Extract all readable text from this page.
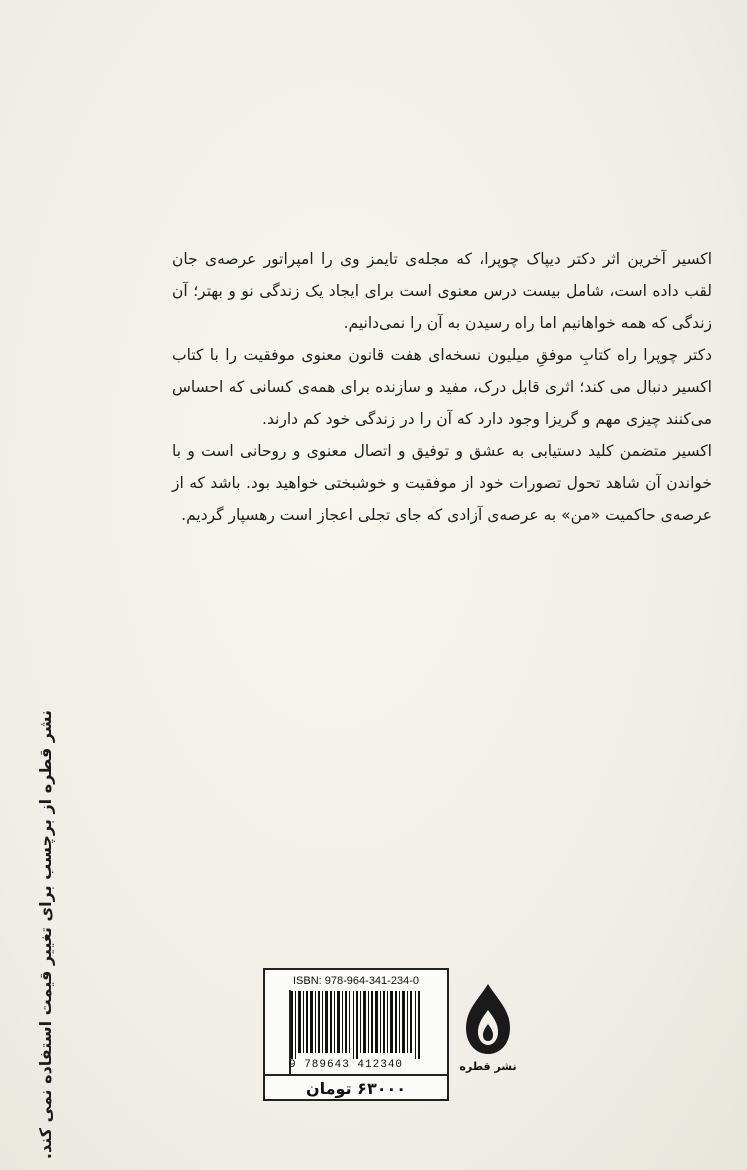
اکسیر آخرین اثر دکتر دیپاک چوپرا، که مجله‌ی تایمز وی را امپراتور عرصه‌ی جان لقب داده است، شامل بیست درس معنوی است برای ایجاد یک زندگی نو و بهتر؛ آن زندگی که همه خواهانیم اما راه رسیدن به آن را نمی‌دانیم.

دکتر چوپرا راه کتابِ موفقِ میلیون نسخه‌ای هفت قانون معنوی موفقیت را با کتاب اکسیر دنبال می کند؛ اثری قابل درک، مفید و سازنده برای همه‌ی کسانی که احساس می‌کنند چیزی مهم و گریزا وجود دارد که آن را در زندگی خود کم دارند.

اکسیر متضمن کلید دستیابی به عشق و توفیق و اتصال معنوی و روحانی است و با خواندن آن شاهد تحول تصورات خود از موفقیت و خوشبختی خواهید بود. باشد که از عرصه‌ی حاکمیت «من» به عرصه‌ی آزادی که جای تجلی اعجاز است رهسپار گردیم.

نشر قطره از برچسب برای تغییر قیمت استفاده نمی کند.	ISBN: 978-964-341-234-0
9 789643 412340
۶۳۰۰۰ تومان
نشر قطره
